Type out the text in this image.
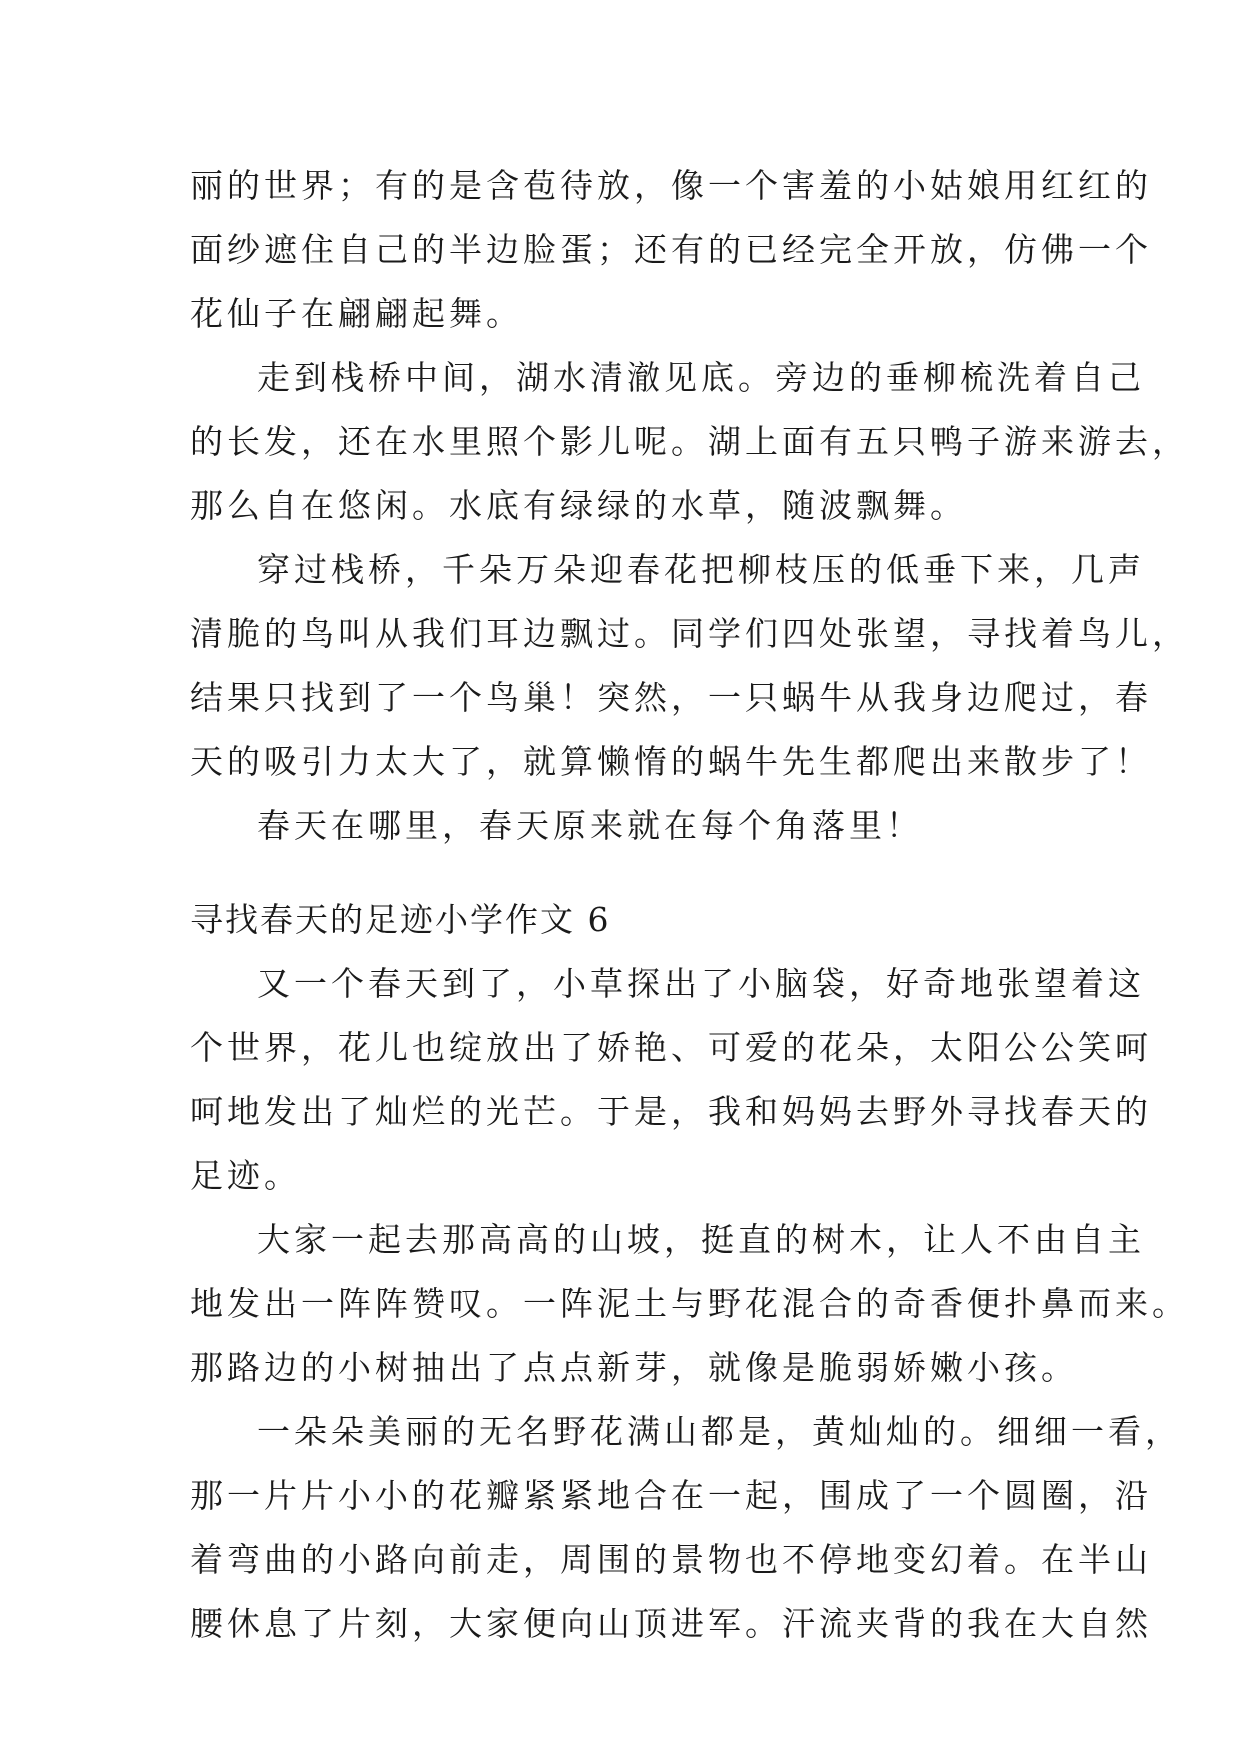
丽的世界；有的是含苞待放，像一个害羞的小姑娘用红红的
面纱遮住自己的半边脸蛋；还有的已经完全开放，仿佛一个
花仙子在翩翩起舞。
走到栈桥中间，湖水清澈见底。旁边的垂柳梳洗着自己
的长发，还在水里照个影儿呢。湖上面有五只鸭子游来游去，
那么自在悠闲。水底有绿绿的水草，随波飘舞。
穿过栈桥，千朵万朵迎春花把柳枝压的低垂下来，几声
清脆的鸟叫从我们耳边飘过。同学们四处张望，寻找着鸟儿，
结果只找到了一个鸟巢！突然，一只蜗牛从我身边爬过，春
天的吸引力太大了，就算懒惰的蜗牛先生都爬出来散步了！
春天在哪里，春天原来就在每个角落里！
寻找春天的足迹小学作文 6
又一个春天到了，小草探出了小脑袋，好奇地张望着这
个世界，花儿也绽放出了娇艳、可爱的花朵，太阳公公笑呵
呵地发出了灿烂的光芒。于是，我和妈妈去野外寻找春天的
足迹。
大家一起去那高高的山坡，挺直的树木，让人不由自主
地发出一阵阵赞叹。一阵泥土与野花混合的奇香便扑鼻而来。
那路边的小树抽出了点点新芽，就像是脆弱娇嫩小孩。
一朵朵美丽的无名野花满山都是，黄灿灿的。细细一看，
那一片片小小的花瓣紧紧地合在一起，围成了一个圆圈，沿
着弯曲的小路向前走，周围的景物也不停地变幻着。在半山
腰休息了片刻，大家便向山顶进军。汗流夹背的我在大自然
